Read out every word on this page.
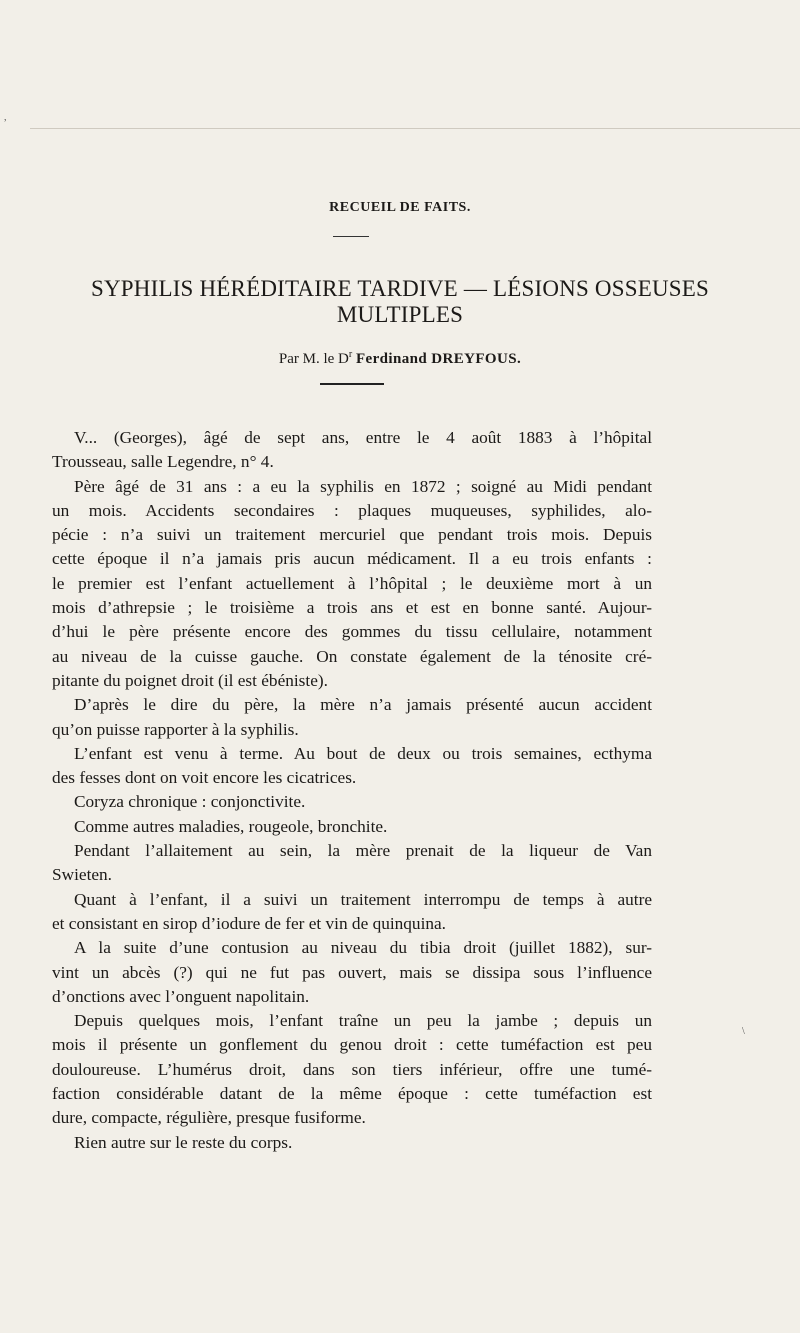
RECUEIL DE FAITS.
SYPHILIS HÉRÉDITAIRE TARDIVE — LÉSIONS OSSEUSES
MULTIPLES
Par M. le $D^r$ Ferdinand DREYFOUS.
V... (Georges), âgé de sept ans, entre le 4 août 1883 à l’hôpital
Trousseau, salle Legendre, n° 4.
Père âgé de 31 ans : a eu la syphilis en 1872 ; soigné au Midi pendant
un mois. Accidents secondaires : plaques muqueuses, syphilides, alo-
pécie : n’a suivi un traitement mercuriel que pendant trois mois. Depuis
cette époque il n’a jamais pris aucun médicament. Il a eu trois enfants :
le premier est l’enfant actuellement à l’hôpital ; le deuxième mort à un
mois d’athrepsie ; le troisième a trois ans et est en bonne santé. Aujour-
d’hui le père présente encore des gommes du tissu cellulaire, notamment
au niveau de la cuisse gauche. On constate également de la ténosite cré-
pitante du poignet droit (il est ébéniste).
D’après le dire du père, la mère n’a jamais présenté aucun accident
qu’on puisse rapporter à la syphilis.
L’enfant est venu à terme. Au bout de deux ou trois semaines, ecthyma
des fesses dont on voit encore les cicatrices.
Coryza chronique : conjonctivite.
Comme autres maladies, rougeole, bronchite.
Pendant l’allaitement au sein, la mère prenait de la liqueur de Van
Swieten.
Quant à l’enfant, il a suivi un traitement interrompu de temps à autre
et consistant en sirop d’iodure de fer et vin de quinquina.
A la suite d’une contusion au niveau du tibia droit (juillet 1882), sur-
vint un abcès (?) qui ne fut pas ouvert, mais se dissipa sous l’influence
d’onctions avec l’onguent napolitain.
Depuis quelques mois, l’enfant traîne un peu la jambe ; depuis un
mois il présente un gonflement du genou droit : cette tuméfaction est peu
douloureuse. L’humérus droit, dans son tiers inférieur, offre une tumé-
faction considérable datant de la même époque : cette tuméfaction est
dure, compacte, régulière, presque fusiforme.
Rien autre sur le reste du corps.
,
\
